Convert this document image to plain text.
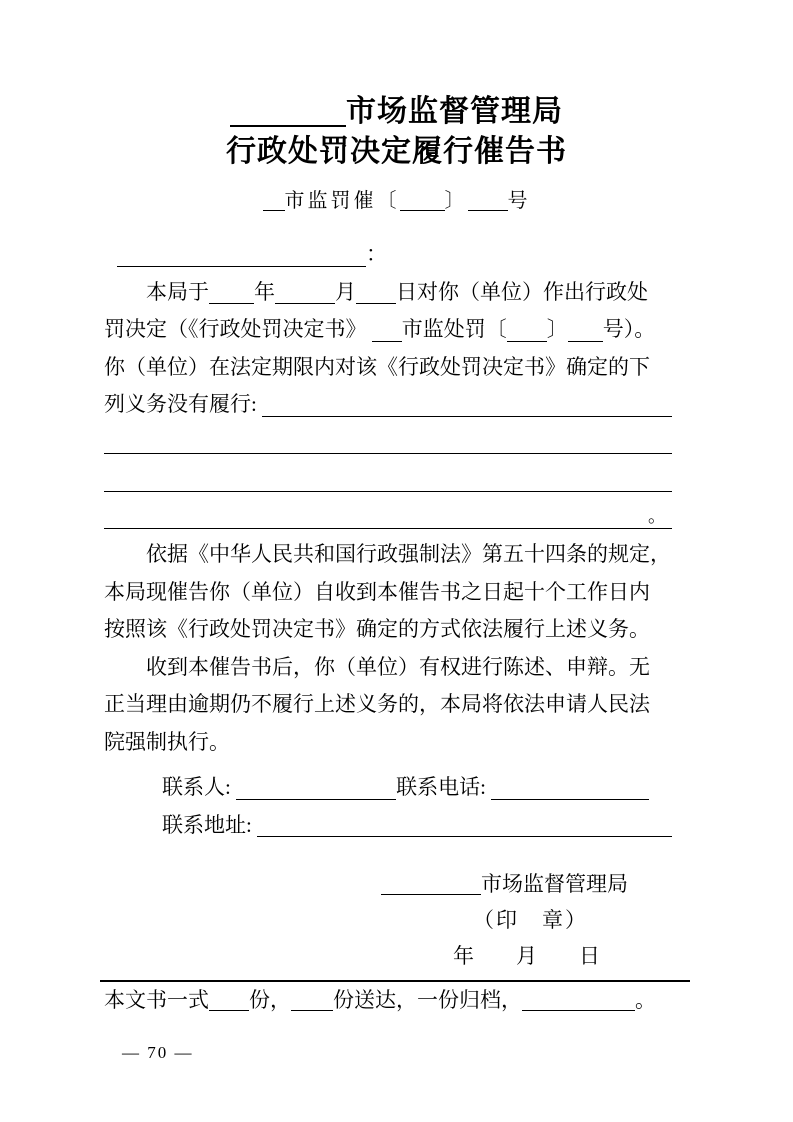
市场监督管理局
行政处罚决定履行催告书
市监罚催〔 〕 号
：
本局于 年	月 日对你（单位）作出行政处
罚决定（《行政处罚决定书》 市监处罚〔 〕 号）。
你（单位）在法定期限内对该《行政处罚决定书》确定的下
列义务没有履行:
。
依据《中华人民共和国行政强制法》第五十四条的规定，
本局现催告你（单位）自收到本催告书之日起十个工作日内
按照该《行政处罚决定书》确定的方式依法履行上述义务。
收到本催告书后，你（单位）有权进行陈述、申辩。无
正当理由逾期仍不履行上述义务的，本局将依法申请人民法
院强制执行。
联系人:	联系电话:
联系地址:
市场监督管理局
（印　章）
年　　月　　日
本文书一式 份， 份送达，一份归档，	。
— 70 —
